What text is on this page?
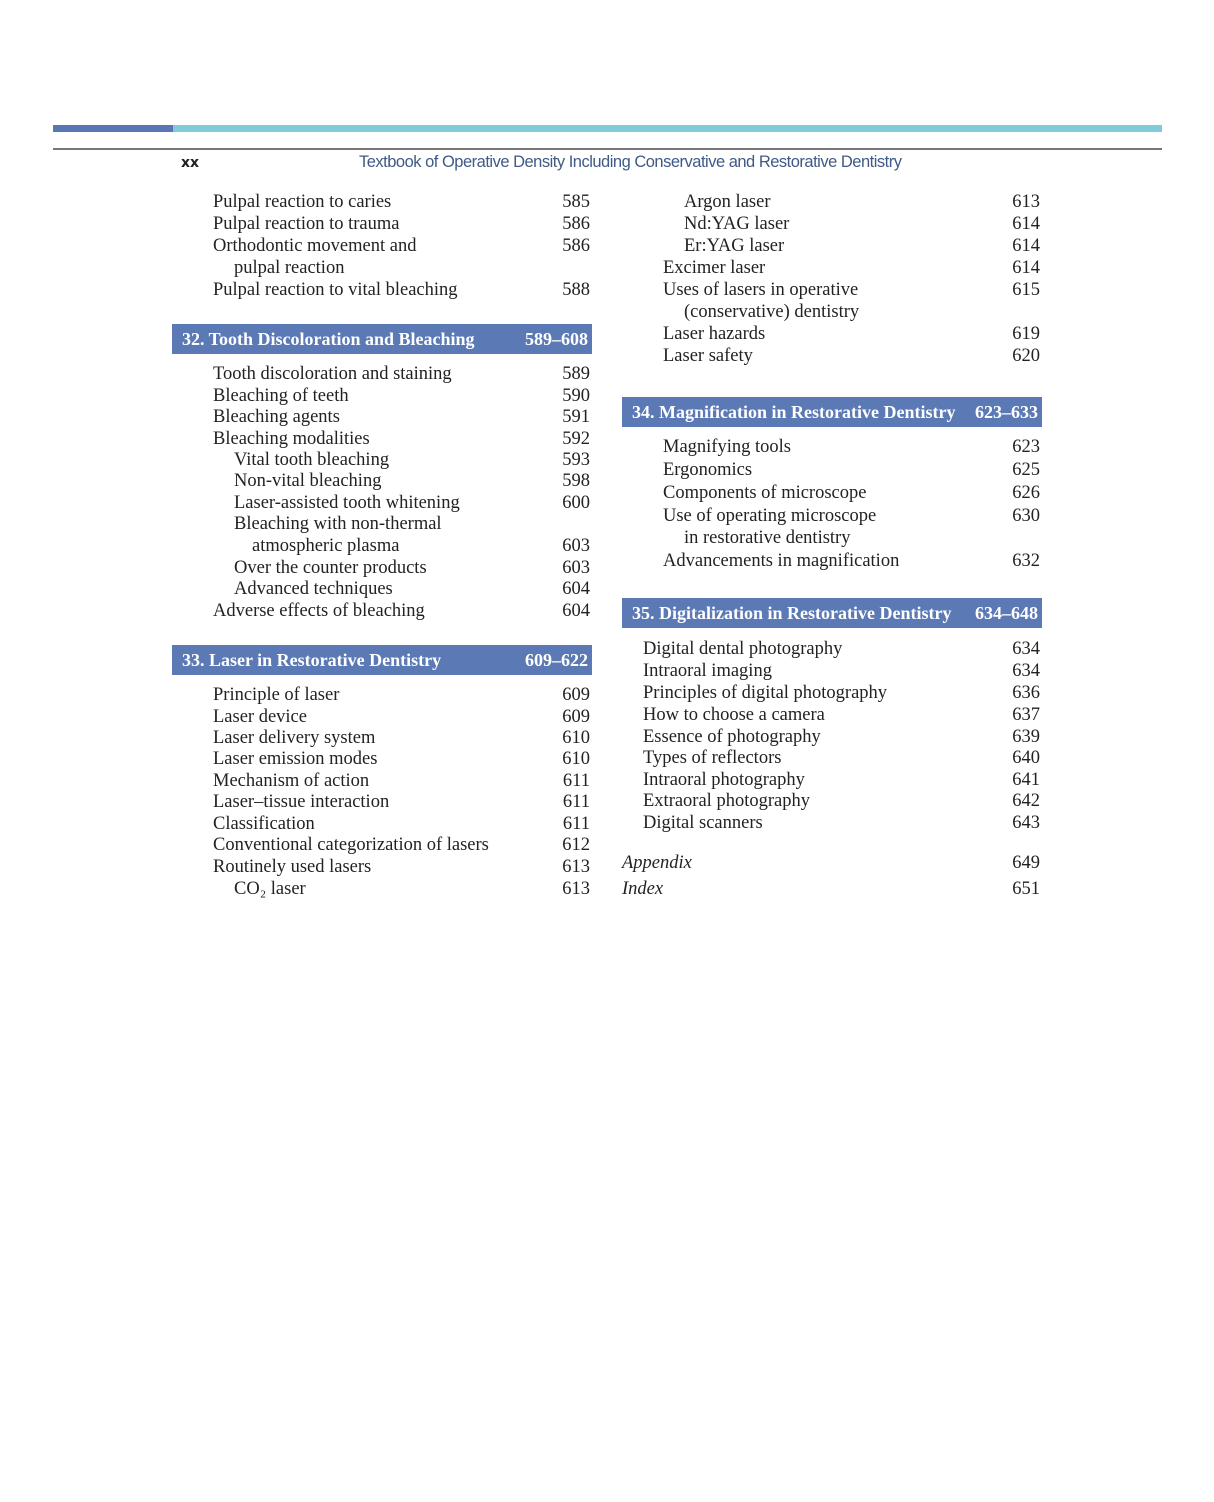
xx	Textbook of Operative Density Including Conservative and Restorative Dentistry
Pulpal reaction to caries	585
Pulpal reaction to trauma	586
Orthodontic movement and	586
pulpal reaction
Pulpal reaction to vital bleaching	588
32. Tooth Discoloration and Bleaching	589–608
Tooth discoloration and staining	589
Bleaching of teeth	590
Bleaching agents	591
Bleaching modalities	592
Vital tooth bleaching	593
Non-vital bleaching	598
Laser-assisted tooth whitening	600
Bleaching with non-thermal
atmospheric plasma	603
Over the counter products	603
Advanced techniques	604
Adverse effects of bleaching	604
33. Laser in Restorative Dentistry	609–622
Principle of laser	609
Laser device	609
Laser delivery system	610
Laser emission modes	610
Mechanism of action	611
Laser–tissue interaction	611
Classification	611
Conventional categorization of lasers	612
Routinely used lasers	613
CO₂ laser	613
Argon laser	613
Nd:YAG laser	614
Er:YAG laser	614
Excimer laser	614
Uses of lasers in operative	615
(conservative) dentistry
Laser hazards	619
Laser safety	620
34. Magnification in Restorative Dentistry 623–633
Magnifying tools	623
Ergonomics	625
Components of microscope	626
Use of operating microscope	630
in restorative dentistry
Advancements in magnification	632
35. Digitalization in Restorative Dentistry 634–648
Digital dental photography	634
Intraoral imaging	634
Principles of digital photography	636
How to choose a camera	637
Essence of photography	639
Types of reflectors	640
Intraoral photography	641
Extraoral photography	642
Digital scanners	643
Appendix	649
Index	651
